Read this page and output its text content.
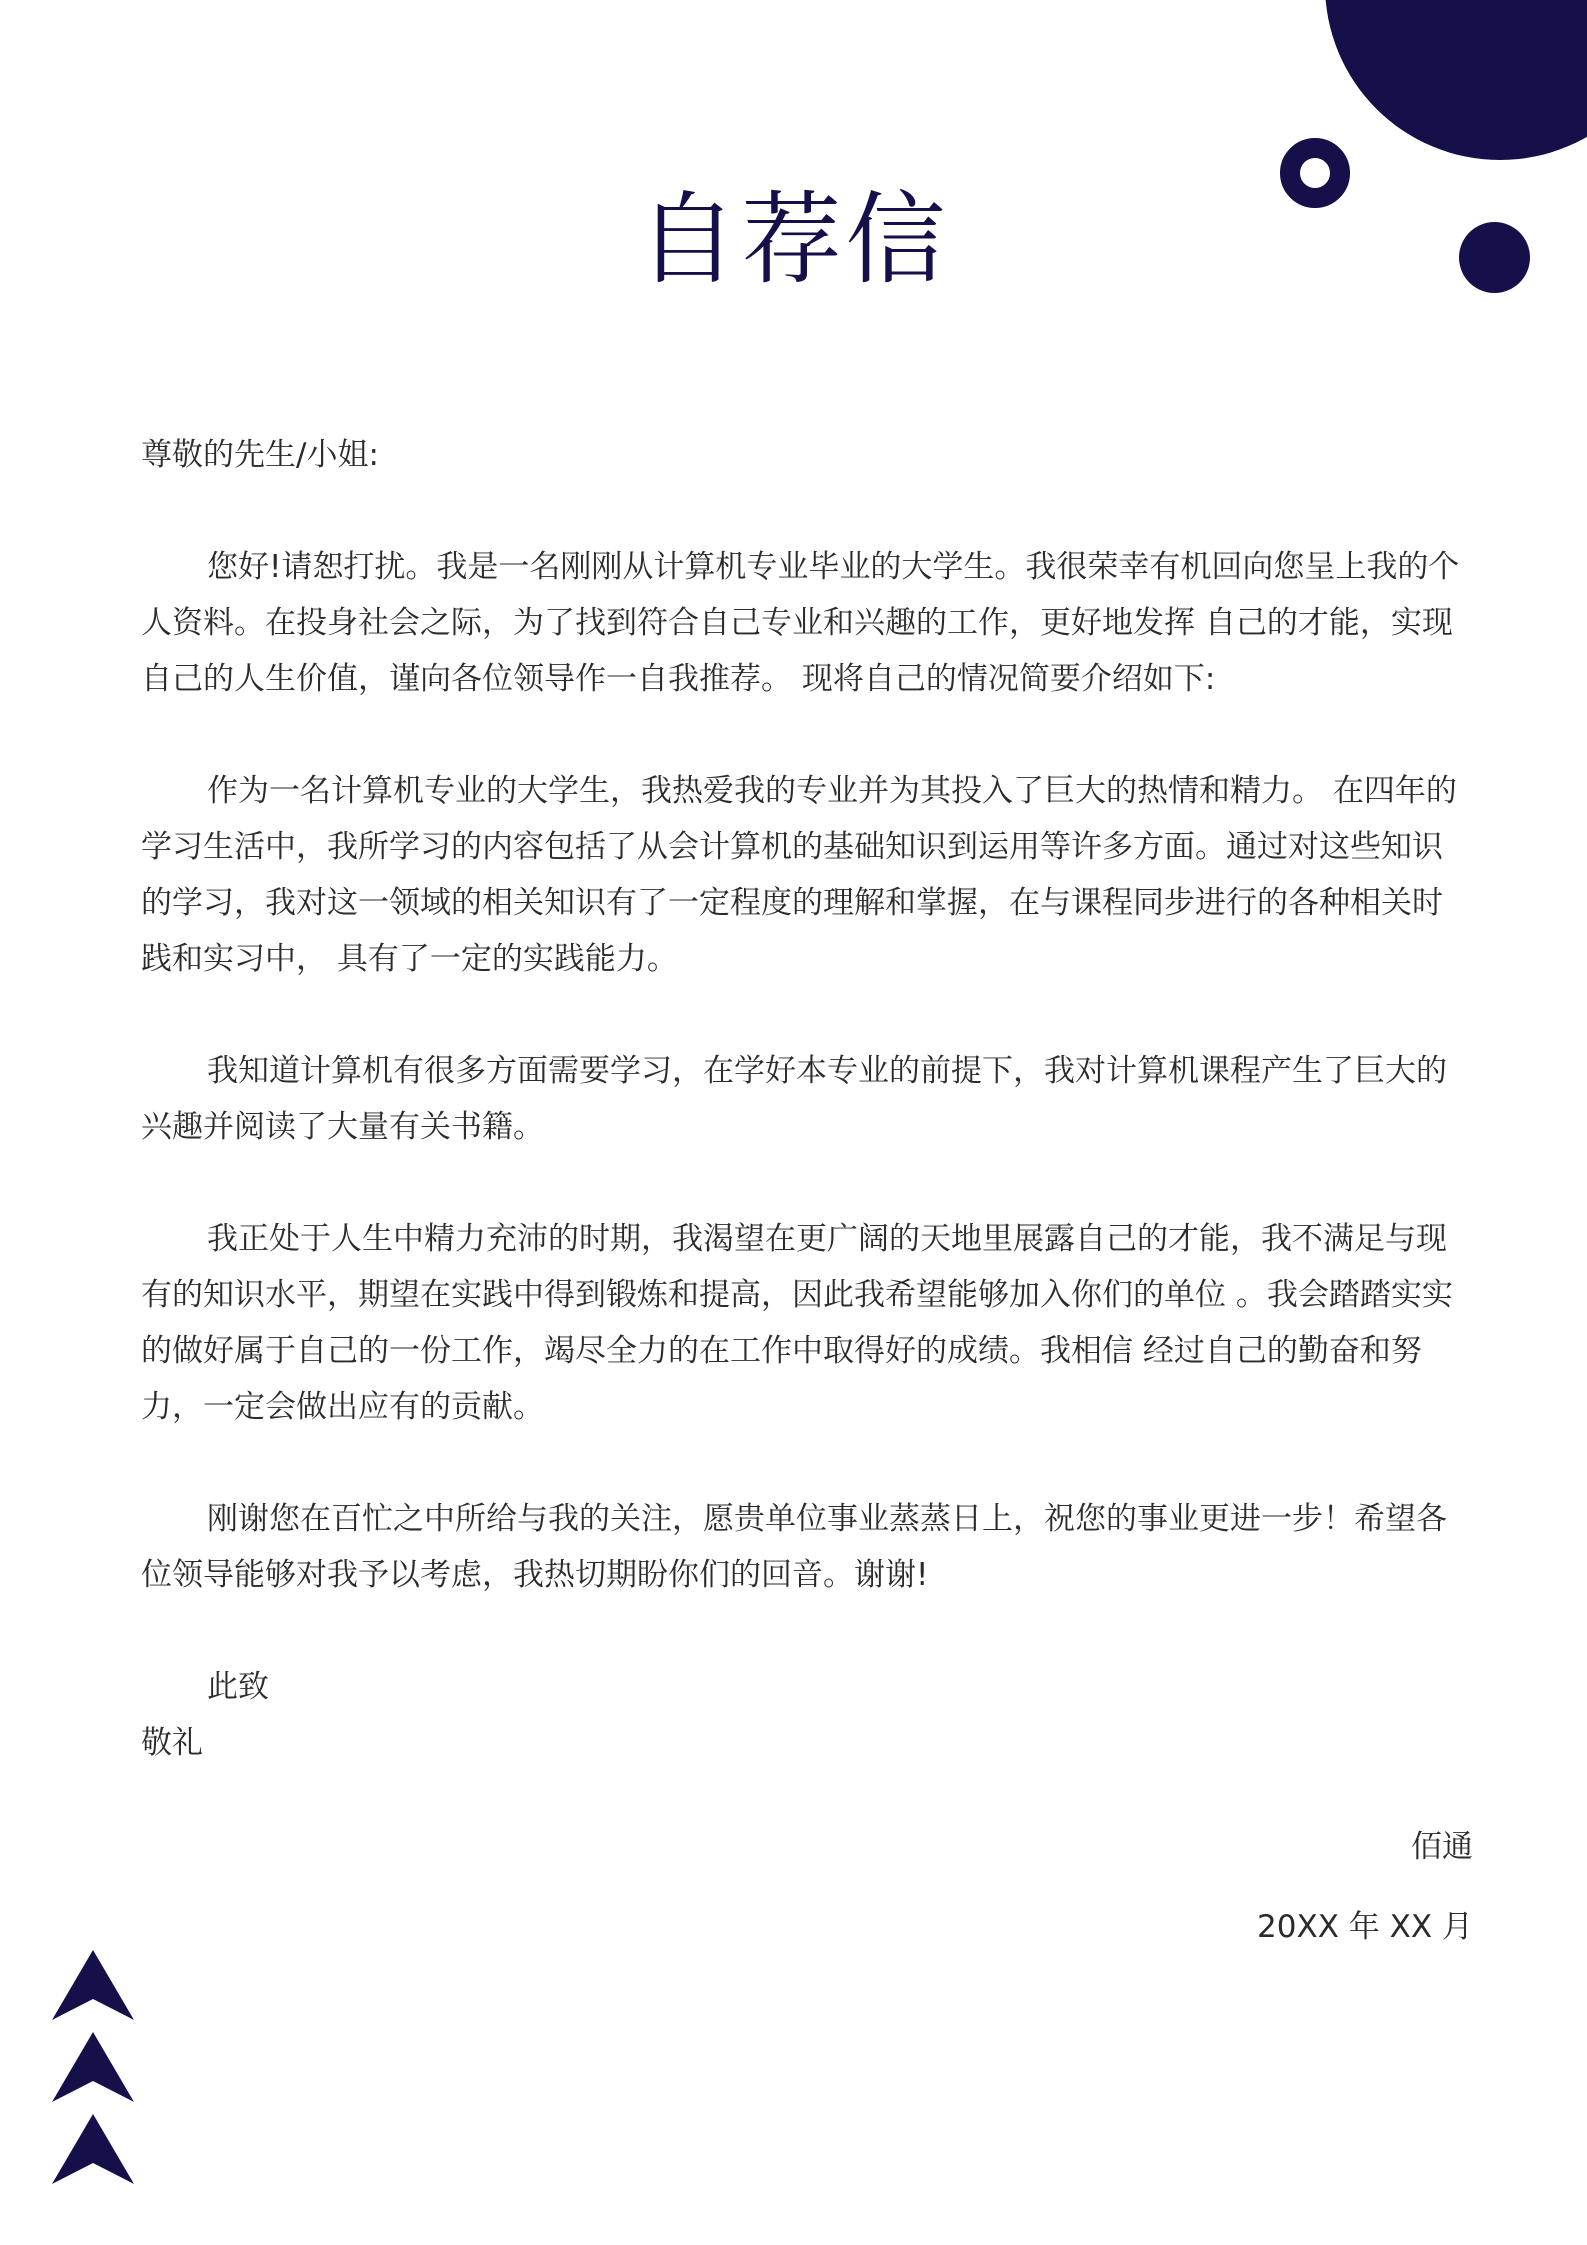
自荐信

尊敬的先生/小姐:

您好!请恕打扰。我是一名刚刚从计算机专业毕业的大学生。我很荣幸有机回向您呈上我的个人资料。在投身社会之际，为了找到符合自己专业和兴趣的工作，更好地发挥 自己的才能，实现自己的人生价值，谨向各位领导作一自我推荐。 现将自己的情况简要介绍如下:

作为一名计算机专业的大学生，我热爱我的专业并为其投入了巨大的热情和精力。 在四年的学习生活中，我所学习的内容包括了从会计算机的基础知识到运用等许多方面。通过对这些知识的学习，我对这一领域的相关知识有了一定程度的理解和掌握，在与课程同步进行的各种相关时践和实习中， 具有了一定的实践能力。

我知道计算机有很多方面需要学习，在学好本专业的前提下，我对计算机课程产生了巨大的兴趣并阅读了大量有关书籍。

我正处于人生中精力充沛的时期，我渴望在更广阔的天地里展露自己的才能，我不满足与现有的知识水平，期望在实践中得到锻炼和提高，因此我希望能够加入你们的单位 。我会踏踏实实的做好属于自己的一份工作，竭尽全力的在工作中取得好的成绩。我相信 经过自己的勤奋和努力，一定会做出应有的贡献。

刚谢您在百忙之中所给与我的关注，愿贵单位事业蒸蒸日上，祝您的事业更进一步！希望各位领导能够对我予以考虑，我热切期盼你们的回音。谢谢!

此致

敬礼

佰通

20XX 年 XX 月
